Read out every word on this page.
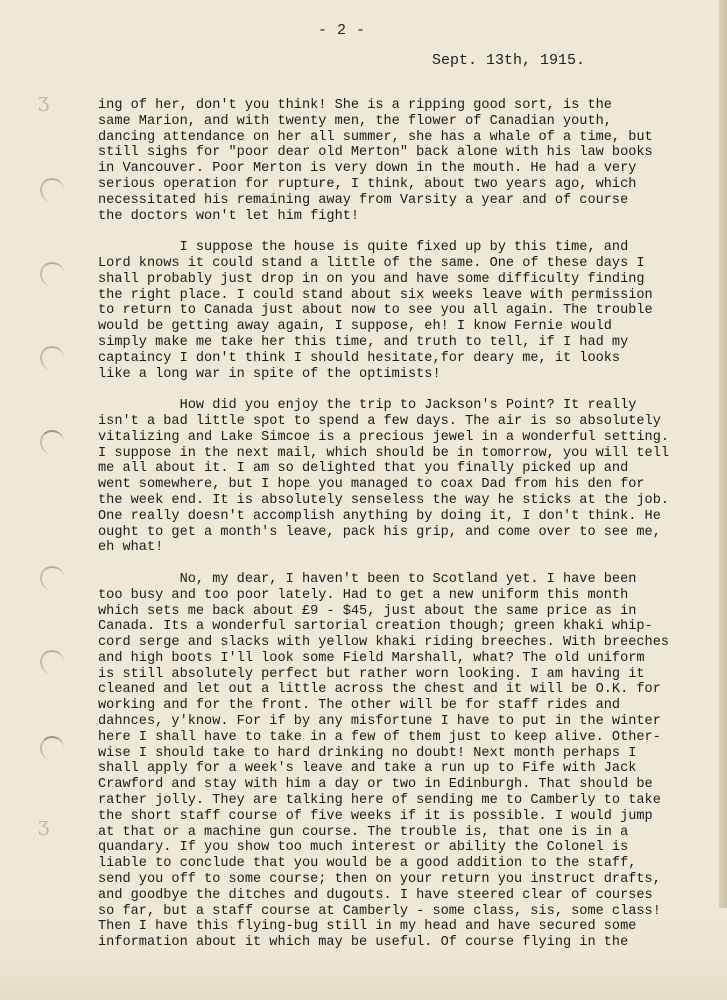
ʒ
ʒ
- 2 -
Sept. 13th, 1915.
ing of her, don't you think! She is a ripping good sort, is the
same Marion, and with twenty men, the flower of Canadian youth,
dancing attendance on her all summer, she has a whale of a time, but
still sighs for "poor dear old Merton" back alone with his law books
in Vancouver. Poor Merton is very down in the mouth. He had a very
serious operation for rupture, I think, about two years ago, which
necessitated his remaining away from Varsity a year and of course
the doctors won't let him fight!
I suppose the house is quite fixed up by this time, and
Lord knows it could stand a little of the same. One of these days I
shall probably just drop in on you and have some difficulty finding
the right place. I could stand about six weeks leave with permission
to return to Canada just about now to see you all again. The trouble
would be getting away again, I suppose, eh! I know Fernie would
simply make me take her this time, and truth to tell, if I had my
captaincy I don't think I should hesitate,for deary me, it looks
like a long war in spite of the optimists!
How did you enjoy the trip to Jackson's Point? It really
isn't a bad little spot to spend a few days. The air is so absolutely
vitalizing and Lake Simcoe is a precious jewel in a wonderful setting.
I suppose in the next mail, which should be in tomorrow, you will tell
me all about it. I am so delighted that you finally picked up and
went somewhere, but I hope you managed to coax Dad from his den for
the week end. It is absolutely senseless the way he sticks at the job.
One really doesn't accomplish anything by doing it, I don't think. He
ought to get a month's leave, pack his grip, and come over to see me,
eh what!
No, my dear, I haven't been to Scotland yet. I have been
too busy and too poor lately. Had to get a new uniform this month
which sets me back about £9 - $45, just about the same price as in
Canada. Its a wonderful sartorial creation though; green khaki whip-
cord serge and slacks with yellow khaki riding breeches. With breeches
and high boots I'll look some Field Marshall, what? The old uniform
is still absolutely perfect but rather worn looking. I am having it
cleaned and let out a little across the chest and it will be O.K. for
working and for the front. The other will be for staff rides and
dahnces, y'know. For if by any misfortune I have to put in the winter
here I shall have to take in a few of them just to keep alive. Other-
wise I should take to hard drinking no doubt! Next month perhaps I
shall apply for a week's leave and take a run up to Fife with Jack
Crawford and stay with him a day or two in Edinburgh. That should be
rather jolly. They are talking here of sending me to Camberly to take
the short staff course of five weeks if it is possible. I would jump
at that or a machine gun course. The trouble is, that one is in a
quandary. If you show too much interest or ability the Colonel is
liable to conclude that you would be a good addition to the staff,
send you off to some course; then on your return you instruct drafts,
and goodbye the ditches and dugouts. I have steered clear of courses
so far, but a staff course at Camberly - some class, sis, some class!
Then I have this flying-bug still in my head and have secured some
information about it which may be useful. Of course flying in the
